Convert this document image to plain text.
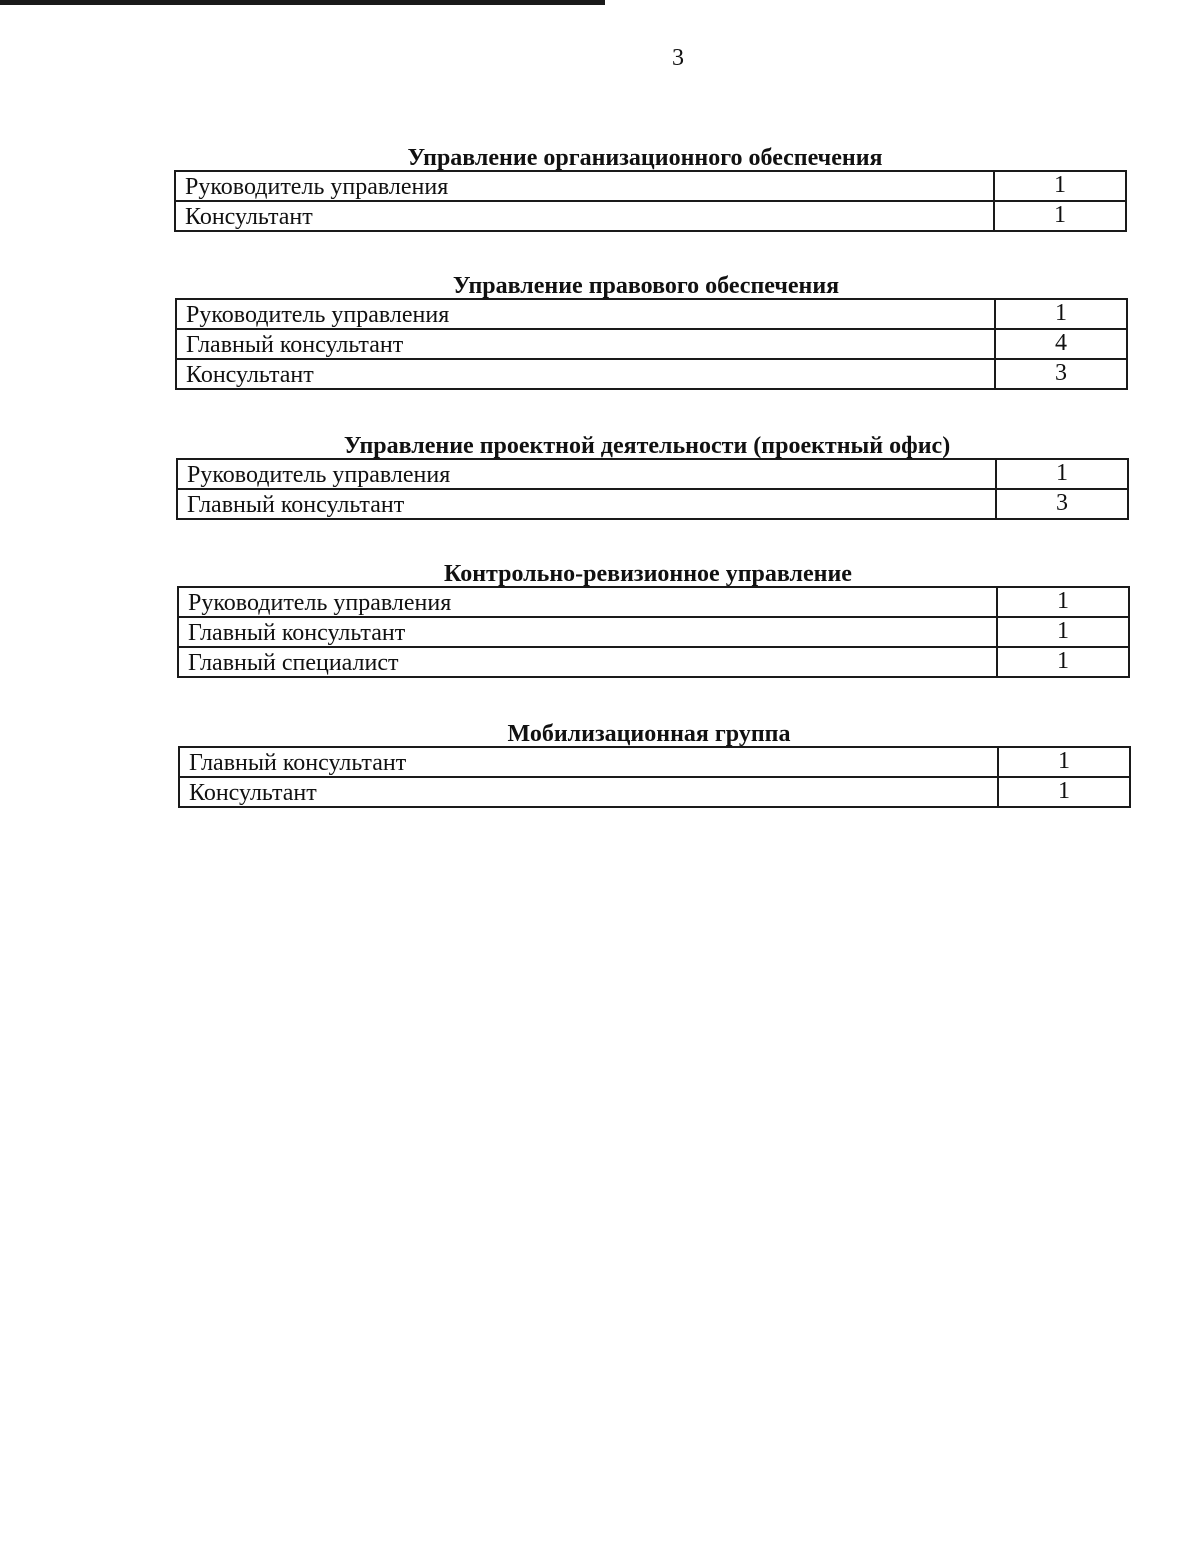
3
Управление организационного обеспечения
Руководитель управления	1
Консультант	1
Управление правового обеспечения
Руководитель управления	1
Главный консультант	4
Консультант	3
Управление проектной деятельности (проектный офис)
Руководитель управления	1
Главный консультант	3
Контрольно-ревизионное управление
Руководитель управления	1
Главный консультант	1
Главный специалист	1
Мобилизационная группа
Главный консультант	1
Консультант	1
